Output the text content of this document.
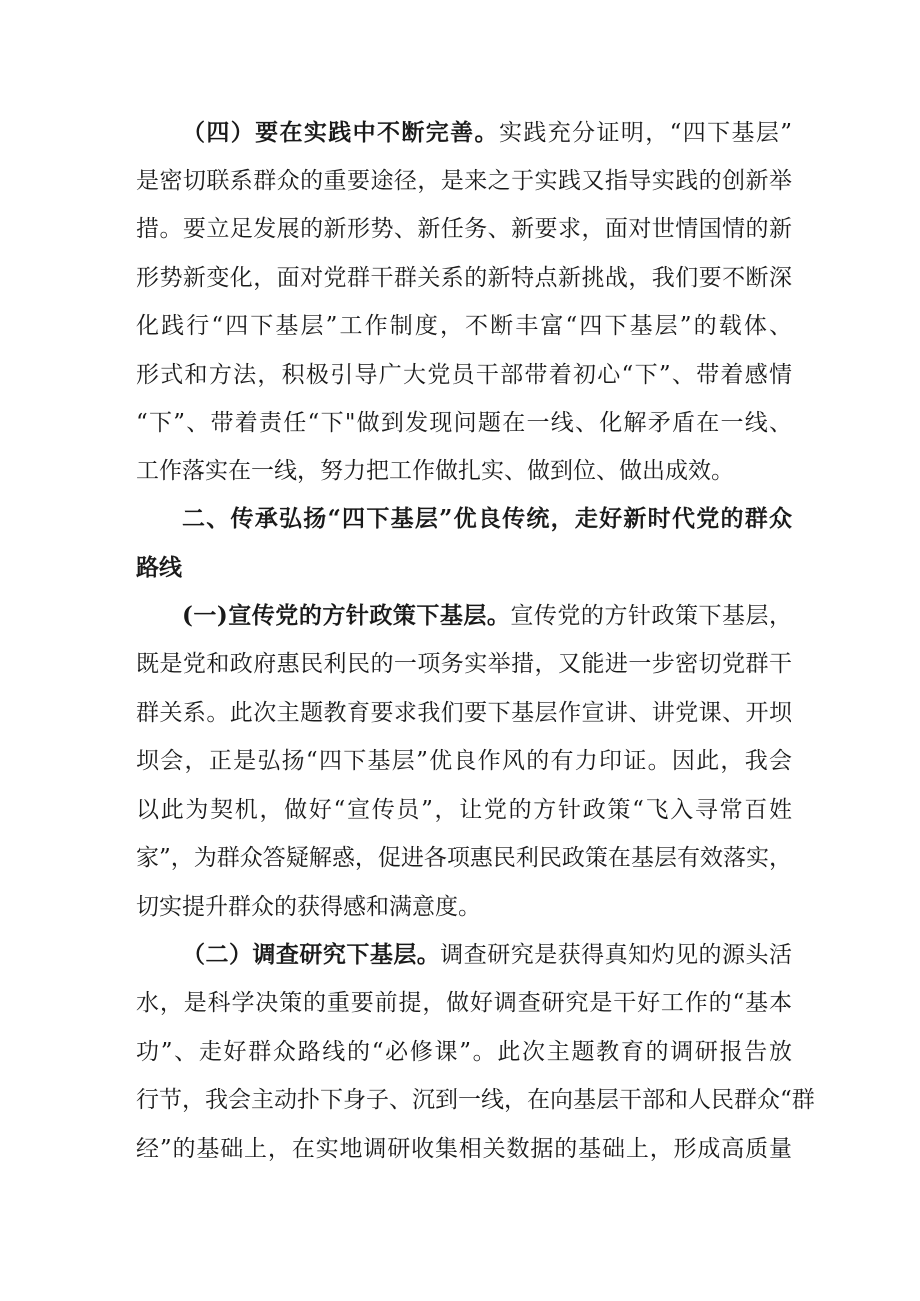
（四）要在实践中不断完善。实践充分证明，“四下基层”
是密切联系群众的重要途径，是来之于实践又指导实践的创新举
措。要立足发展的新形势、新任务、新要求，面对世情国情的新
形势新变化，面对党群干群关系的新特点新挑战，我们要不断深
化践行“四下基层”工作制度，不断丰富“四下基层”的载体、
形式和方法，积极引导广大党员干部带着初心“下”、带着感情
“下”、带着责任“下"做到发现问题在一线、化解矛盾在一线、
工作落实在一线，努力把工作做扎实、做到位、做出成效。
二、传承弘扬“四下基层”优良传统，走好新时代党的群众
路线
(一)宣传党的方针政策下基层。宣传党的方针政策下基层，
既是党和政府惠民利民的一项务实举措，又能进一步密切党群干
群关系。此次主题教育要求我们要下基层作宣讲、讲党课、开坝
坝会，正是弘扬“四下基层”优良作风的有力印证。因此，我会
以此为契机，做好“宣传员”，让党的方针政策“飞入寻常百姓
家”，为群众答疑解惑，促进各项惠民利民政策在基层有效落实，
切实提升群众的获得感和满意度。
（二）调查研究下基层。调查研究是获得真知灼见的源头活
水，是科学决策的重要前提，做好调查研究是干好工作的“基本
功”、走好群众路线的“必修课”。此次主题教育的调研报告放
行节，我会主动扑下身子、沉到一线，在向基层干部和人民群众“群
经”的基础上，在实地调研收集相关数据的基础上，形成高质量
